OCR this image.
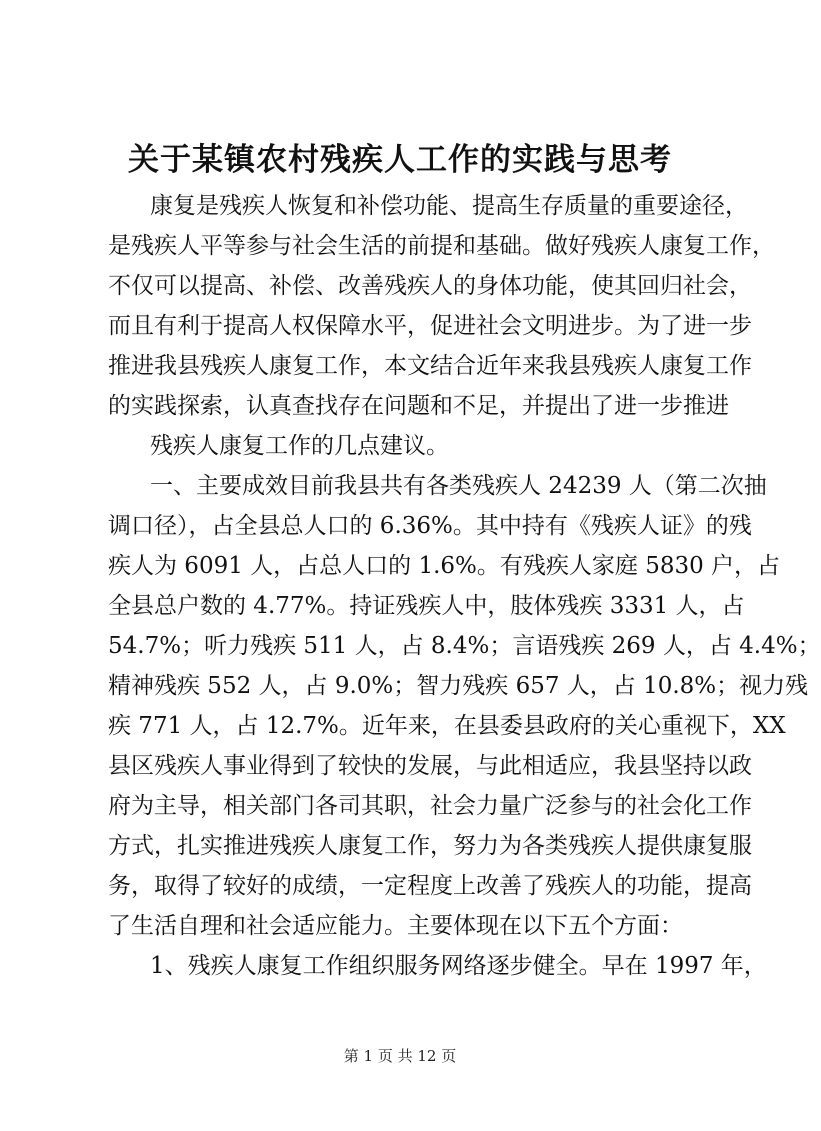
关于某镇农村残疾人工作的实践与思考
康复是残疾人恢复和补偿功能、提高生存质量的重要途径，
是残疾人平等参与社会生活的前提和基础。做好残疾人康复工作，
不仅可以提高、补偿、改善残疾人的身体功能，使其回归社会，
而且有利于提高人权保障水平，促进社会文明进步。为了进一步
推进我县残疾人康复工作，本文结合近年来我县残疾人康复工作
的实践探索，认真查找存在问题和不足，并提出了进一步推进
残疾人康复工作的几点建议。
一、主要成效目前我县共有各类残疾人 24239 人（第二次抽
调口径），占全县总人口的 6.36%。其中持有《残疾人证》的残
疾人为 6091 人，占总人口的 1.6%。有残疾人家庭 5830 户，占
全县总户数的 4.77%。持证残疾人中，肢体残疾 3331 人，占
54.7%；听力残疾 511 人，占 8.4%；言语残疾 269 人，占 4.4%；
精神残疾 552 人，占 9.0%；智力残疾 657 人，占 10.8%；视力残
疾 771 人，占 12.7%。近年来，在县委县政府的关心重视下，XX
县区残疾人事业得到了较快的发展，与此相适应，我县坚持以政
府为主导，相关部门各司其职，社会力量广泛参与的社会化工作
方式，扎实推进残疾人康复工作，努力为各类残疾人提供康复服
务，取得了较好的成绩，一定程度上改善了残疾人的功能，提高
了生活自理和社会适应能力。主要体现在以下五个方面：
1、残疾人康复工作组织服务网络逐步健全。早在 1997 年，
第 1 页 共 12 页
